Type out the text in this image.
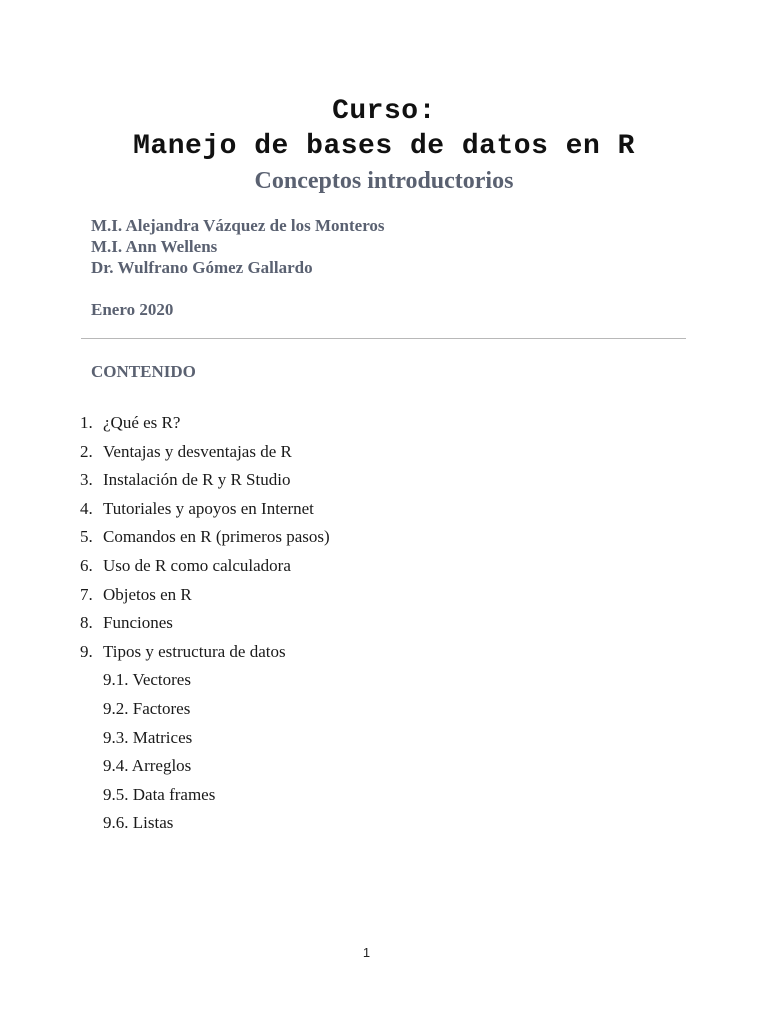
Curso:
Manejo de bases de datos en R
Conceptos introductorios
M.I. Alejandra Vázquez de los Monteros
M.I. Ann Wellens
Dr. Wulfrano Gómez Gallardo
Enero 2020
CONTENIDO
1. ¿Qué es R?
2. Ventajas y desventajas de R
3. Instalación de R y R Studio
4. Tutoriales y apoyos en Internet
5. Comandos en R (primeros pasos)
6. Uso de R como calculadora
7. Objetos en R
8. Funciones
9. Tipos y estructura de datos
9.1. Vectores
9.2. Factores
9.3. Matrices
9.4. Arreglos
9.5. Data frames
9.6. Listas
1
